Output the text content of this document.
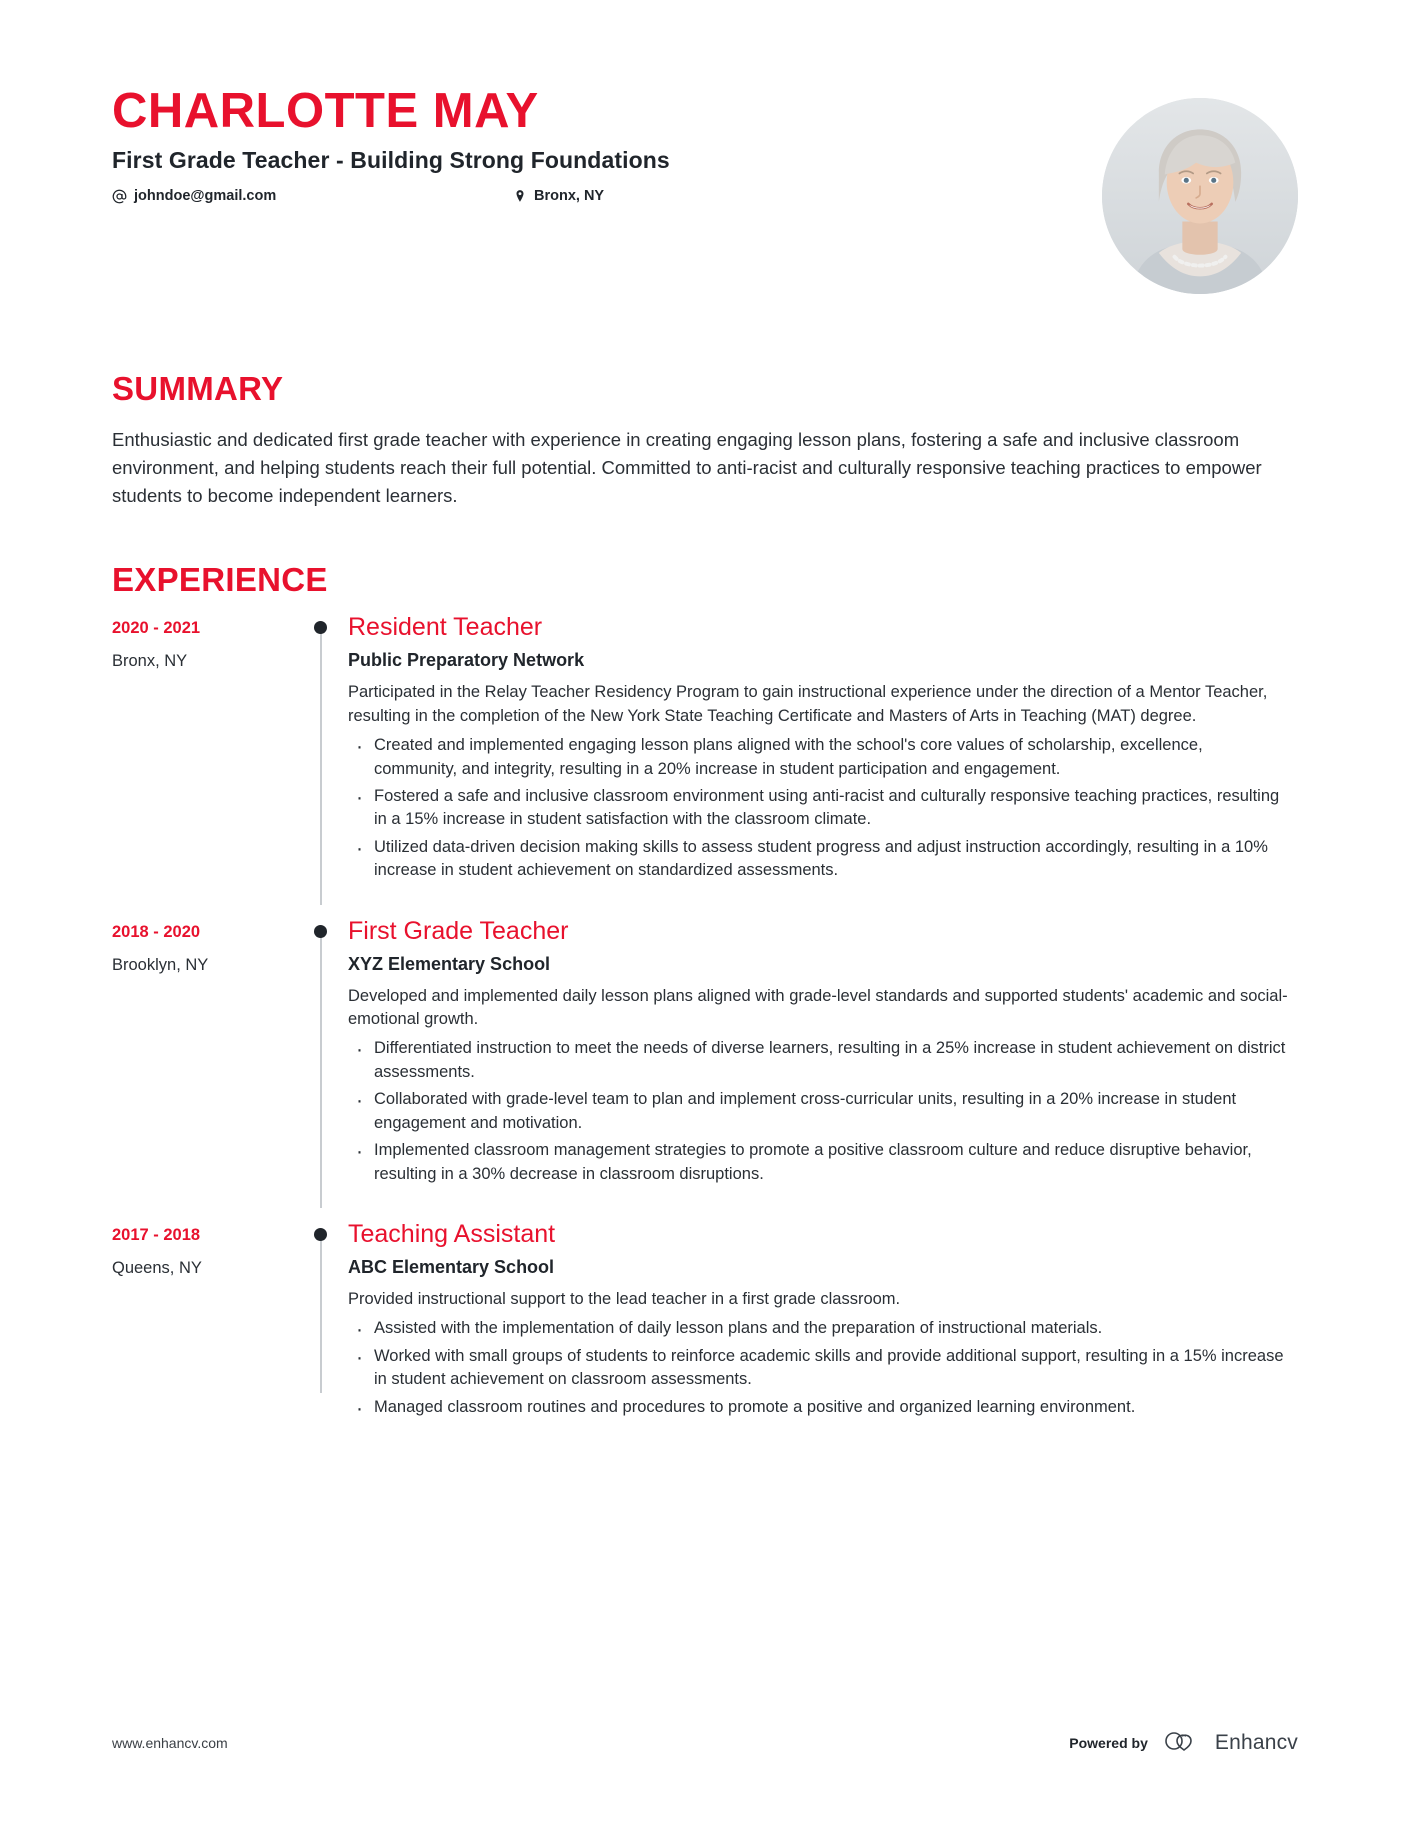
CHARLOTTE MAY
First Grade Teacher - Building Strong Foundations
johndoe@gmail.com	Bronx, NY
SUMMARY

Enthusiastic and dedicated first grade teacher with experience in creating engaging lesson plans, fostering a safe and inclusive classroom environment, and helping students reach their full potential. Committed to anti-racist and culturally responsive teaching practices to empower students to become independent learners.

EXPERIENCE
2020 - 2021
Bronx, NY
Resident Teacher
Public Preparatory Network

Participated in the Relay Teacher Residency Program to gain instructional experience under the direction of a Mentor Teacher, resulting in the completion of the New York State Teaching Certificate and Masters of Arts in Teaching (MAT) degree.

· Created and implemented engaging lesson plans aligned with the school's core values of scholarship, excellence, community, and integrity, resulting in a 20% increase in student participation and engagement.
· Fostered a safe and inclusive classroom environment using anti-racist and culturally responsive teaching practices, resulting in a 15% increase in student satisfaction with the classroom climate.
· Utilized data-driven decision making skills to assess student progress and adjust instruction accordingly, resulting in a 10% increase in student achievement on standardized assessments.
2018 - 2020
Brooklyn, NY
First Grade Teacher
XYZ Elementary School

Developed and implemented daily lesson plans aligned with grade-level standards and supported students' academic and social-emotional growth.

· Differentiated instruction to meet the needs of diverse learners, resulting in a 25% increase in student achievement on district assessments.
· Collaborated with grade-level team to plan and implement cross-curricular units, resulting in a 20% increase in student engagement and motivation.
· Implemented classroom management strategies to promote a positive classroom culture and reduce disruptive behavior, resulting in a 30% decrease in classroom disruptions.
2017 - 2018
Queens, NY
Teaching Assistant
ABC Elementary School

Provided instructional support to the lead teacher in a first grade classroom.

· Assisted with the implementation of daily lesson plans and the preparation of instructional materials.
· Worked with small groups of students to reinforce academic skills and provide additional support, resulting in a 15% increase in student achievement on classroom assessments.
· Managed classroom routines and procedures to promote a positive and organized learning environment.
www.enhancv.com	Powered by	Enhancv
